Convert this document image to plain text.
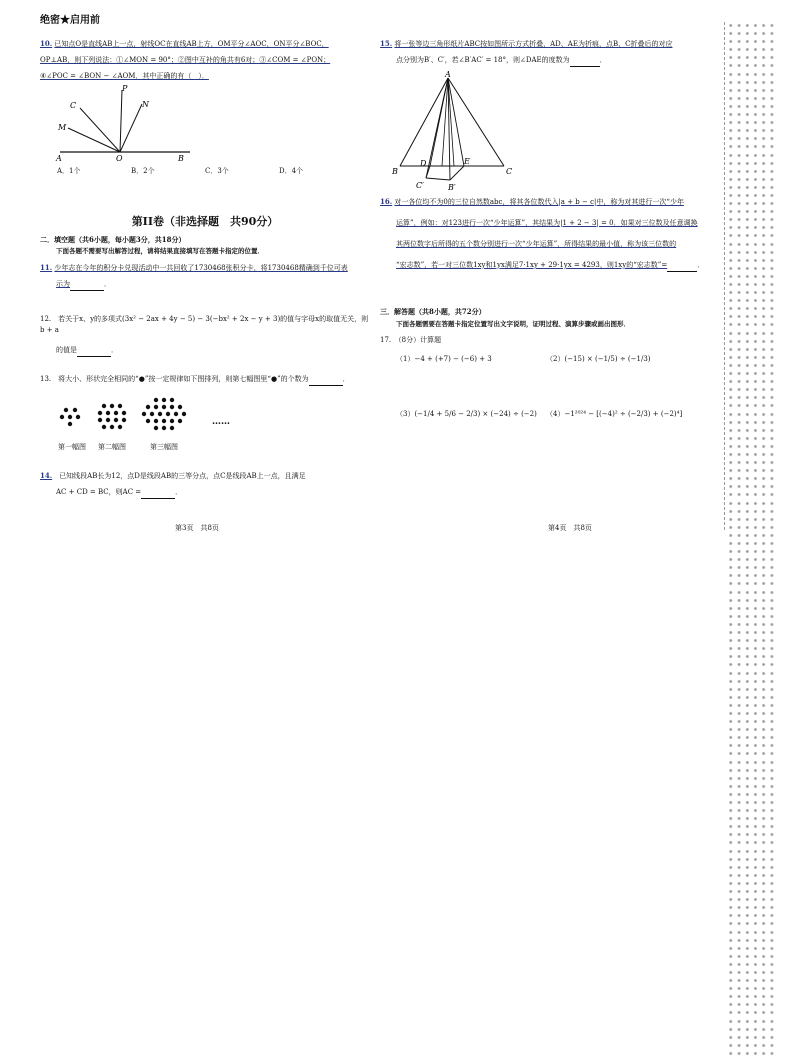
绝密★启用前
10. 已知点O是直线AB上一点，射线OC在直线AB上方，OM平分∠AOC，ON平分∠BOC，
OP⊥AB，则下列说法：①∠MON = 90°；②图中互补的角共有6对；③∠COM = ∠PON；
④∠POC = ∠BON − ∠AOM．其中正确的有（　）．
P
C	N
M
A	O	B
A．1个	B．2个	C．3个	D．4个
第II卷（非选择题　共90分）
二．填空题（共6小题，每小题3分，共18分）
下面各题不需要写出解答过程，请将结果直接填写在答题卡指定的位置．
11. 少年志在今年的积分卡兑现活动中一共回收了1730468张积分卡，将1730468精确到千位可表
示为	．
12.　 若关于x、y的多项式(3x² − 2ax + 4y − 5) − 3(−bx² + 2x − y + 3)的值与字母x的取值无关，则b + a
的值是	．
13.　 将大小、形状完全相同的“●”按一定规律如下图排列，则第七幅图里“●”的个数为	．
……
第一幅图 第二幅图	第三幅图
14.　 已知线段AB长为12，点D是线段AB的三等分点，点C是线段AB上一点，且满足
AC + CD = BC，则AC =	．
第3页　共8页
15. 将一张等边三角形纸片ABC按如图所示方式折叠，AD、AE为折痕，点B、C折叠后的对应
点分别为B′、C′，若∠B′AC′ = 18°，则∠DAE的度数为	．
A
B	C
D	E
C′	B′
16. 对一各位均不为0的三位自然数abc，将其各位数代入|a + b − c|中，称为对其进行一次“少年
运算”，例如：对123进行一次“少年运算”，其结果为|1 + 2 − 3| = 0．如果对三位数及任意调换
其两位数字后所得的五个数分别进行一次“少年运算”，所得结果的最小值，称为该三位数的
“宏志数”，若一对三位数1xy和1yx满足7·1xy + 29·1yx = 4293，则1xy的“宏志数”=	．
三．解答题（共8小题，共72分）
下面各题需要在答题卡指定位置写出文字说明，证明过程、演算步骤或画出图形．
17.　 （8分）计算题
（1）−4 + (+7) − (−6) + 3	（2）(−15) × (−1/5) ÷ (−1/3)
（3）(−1/4 + 5/6 − 2/3) × (−24) ÷ (−2) （4）−1²⁰²⁴ − [(−4)² ÷ (−2/3) + (−2)⁴]
第4页　共8页
❋ ❋ ❋ ❋ ❋ ❋ ❋ ❋ ❋ ❋ ❋ ❋
❋ ❋ ❋ ❋ ❋ ❋ ❋ ❋ ❋ ❋ ❋ ❋
❋ ❋ ❋ ❋ ❋ ❋ ❋ ❋ ❋ ❋ ❋ ❋
❋ ❋ ❋ ❋ ❋ ❋ ❋ ❋ ❋ ❋ ❋ ❋
❋ ❋ ❋ ❋ ❋ ❋ ❋ ❋ ❋ ❋ ❋ ❋
❋ ❋ ❋ ❋ ❋ ❋ ❋ ❋ ❋ ❋ ❋ ❋
❋ ❋ ❋ ❋ ❋ ❋ ❋ ❋ ❋ ❋ ❋ ❋
❋ ❋ ❋ ❋ ❋ ❋ ❋ ❋ ❋ ❋ ❋ ❋
❋ ❋ ❋ ❋ ❋ ❋ ❋ ❋ ❋ ❋ ❋ ❋
❋ ❋ ❋ ❋ ❋ ❋ ❋ ❋ ❋ ❋ ❋ ❋
❋ ❋ ❋ ❋ ❋ ❋ ❋ ❋ ❋ ❋ ❋ ❋
❋ ❋ ❋ ❋ ❋ ❋ ❋ ❋ ❋ ❋ ❋ ❋
❋ ❋ ❋ ❋ ❋ ❋ ❋ ❋ ❋ ❋ ❋ ❋
❋ ❋ ❋ ❋ ❋ ❋ ❋ ❋ ❋ ❋ ❋ ❋
❋ ❋ ❋ ❋ ❋ ❋ ❋ ❋ ❋ ❋ ❋ ❋
❋ ❋ ❋ ❋ ❋ ❋ ❋ ❋ ❋ ❋ ❋ ❋
❋ ❋ ❋ ❋ ❋ ❋ ❋ ❋ ❋ ❋ ❋ ❋
❋ ❋ ❋ ❋ ❋ ❋ ❋ ❋ ❋ ❋ ❋ ❋
❋ ❋ ❋ ❋ ❋ ❋ ❋ ❋ ❋ ❋ ❋ ❋
❋ ❋ ❋ ❋ ❋ ❋ ❋ ❋ ❋ ❋ ❋ ❋
❋ ❋ ❋ ❋ ❋ ❋ ❋ ❋ ❋ ❋ ❋ ❋
❋ ❋ ❋ ❋ ❋ ❋ ❋ ❋ ❋ ❋ ❋ ❋
❋ ❋ ❋ ❋ ❋ ❋ ❋ ❋ ❋ ❋ ❋ ❋
❋ ❋ ❋ ❋ ❋ ❋ ❋ ❋ ❋ ❋ ❋ ❋
❋ ❋ ❋ ❋ ❋ ❋ ❋ ❋ ❋ ❋ ❋ ❋
❋ ❋ ❋ ❋ ❋ ❋ ❋ ❋ ❋ ❋ ❋ ❋
❋ ❋ ❋ ❋ ❋ ❋ ❋ ❋ ❋ ❋ ❋ ❋
❋ ❋ ❋ ❋ ❋ ❋ ❋ ❋ ❋ ❋ ❋ ❋
❋ ❋ ❋ ❋ ❋ ❋ ❋ ❋ ❋ ❋ ❋ ❋
❋ ❋ ❋ ❋ ❋ ❋ ❋ ❋ ❋ ❋ ❋ ❋
❋ ❋ ❋ ❋ ❋ ❋ ❋ ❋ ❋ ❋ ❋ ❋
❋ ❋ ❋ ❋ ❋ ❋ ❋ ❋ ❋ ❋ ❋ ❋
❋ ❋ ❋ ❋ ❋ ❋ ❋ ❋ ❋ ❋ ❋ ❋
❋ ❋ ❋ ❋ ❋ ❋ ❋ ❋ ❋ ❋ ❋ ❋
❋ ❋ ❋ ❋ ❋ ❋ ❋ ❋ ❋ ❋ ❋ ❋
❋ ❋ ❋ ❋ ❋ ❋ ❋ ❋ ❋ ❋ ❋ ❋
❋ ❋ ❋ ❋ ❋ ❋ ❋ ❋ ❋ ❋ ❋ ❋
❋ ❋ ❋ ❋ ❋ ❋ ❋ ❋ ❋ ❋ ❋ ❋
❋ ❋ ❋ ❋ ❋ ❋ ❋ ❋ ❋ ❋ ❋ ❋
❋ ❋ ❋ ❋ ❋ ❋ ❋ ❋ ❋ ❋ ❋ ❋
❋ ❋ ❋ ❋ ❋ ❋ ❋ ❋ ❋ ❋ ❋ ❋
❋ ❋ ❋ ❋ ❋ ❋ ❋ ❋ ❋ ❋ ❋ ❋
❋ ❋ ❋ ❋ ❋ ❋ ❋ ❋ ❋ ❋ ❋ ❋
❋ ❋ ❋ ❋ ❋ ❋ ❋ ❋ ❋ ❋ ❋ ❋
❋ ❋ ❋ ❋ ❋ ❋ ❋ ❋ ❋ ❋ ❋ ❋
❋ ❋ ❋ ❋ ❋ ❋ ❋ ❋ ❋ ❋ ❋ ❋
❋ ❋ ❋ ❋ ❋ ❋ ❋ ❋ ❋ ❋ ❋ ❋
❋ ❋ ❋ ❋ ❋ ❋ ❋ ❋ ❋ ❋ ❋ ❋
❋ ❋ ❋ ❋ ❋ ❋ ❋ ❋ ❋ ❋ ❋ ❋
❋ ❋ ❋ ❋ ❋ ❋ ❋ ❋ ❋ ❋ ❋ ❋
❋ ❋ ❋ ❋ ❋ ❋ ❋ ❋ ❋ ❋ ❋ ❋
❋ ❋ ❋ ❋ ❋ ❋ ❋ ❋ ❋ ❋ ❋ ❋
❋ ❋ ❋ ❋ ❋ ❋ ❋ ❋ ❋ ❋ ❋ ❋
❋ ❋ ❋ ❋ ❋ ❋ ❋ ❋ ❋ ❋ ❋ ❋
❋ ❋ ❋ ❋ ❋ ❋ ❋ ❋ ❋ ❋ ❋ ❋
❋ ❋ ❋ ❋ ❋ ❋ ❋ ❋ ❋ ❋ ❋ ❋
❋ ❋ ❋ ❋ ❋ ❋ ❋ ❋ ❋ ❋ ❋ ❋
❋ ❋ ❋ ❋ ❋ ❋ ❋ ❋ ❋ ❋ ❋ ❋
❋ ❋ ❋ ❋ ❋ ❋ ❋ ❋ ❋ ❋ ❋ ❋
❋ ❋ ❋ ❋ ❋ ❋ ❋ ❋ ❋ ❋ ❋ ❋
❋ ❋ ❋ ❋ ❋ ❋ ❋ ❋ ❋ ❋ ❋ ❋
❋ ❋ ❋ ❋ ❋ ❋ ❋ ❋ ❋ ❋ ❋ ❋
❋ ❋ ❋ ❋ ❋ ❋ ❋ ❋ ❋ ❋ ❋ ❋
❋ ❋ ❋ ❋ ❋ ❋ ❋ ❋ ❋ ❋ ❋ ❋
